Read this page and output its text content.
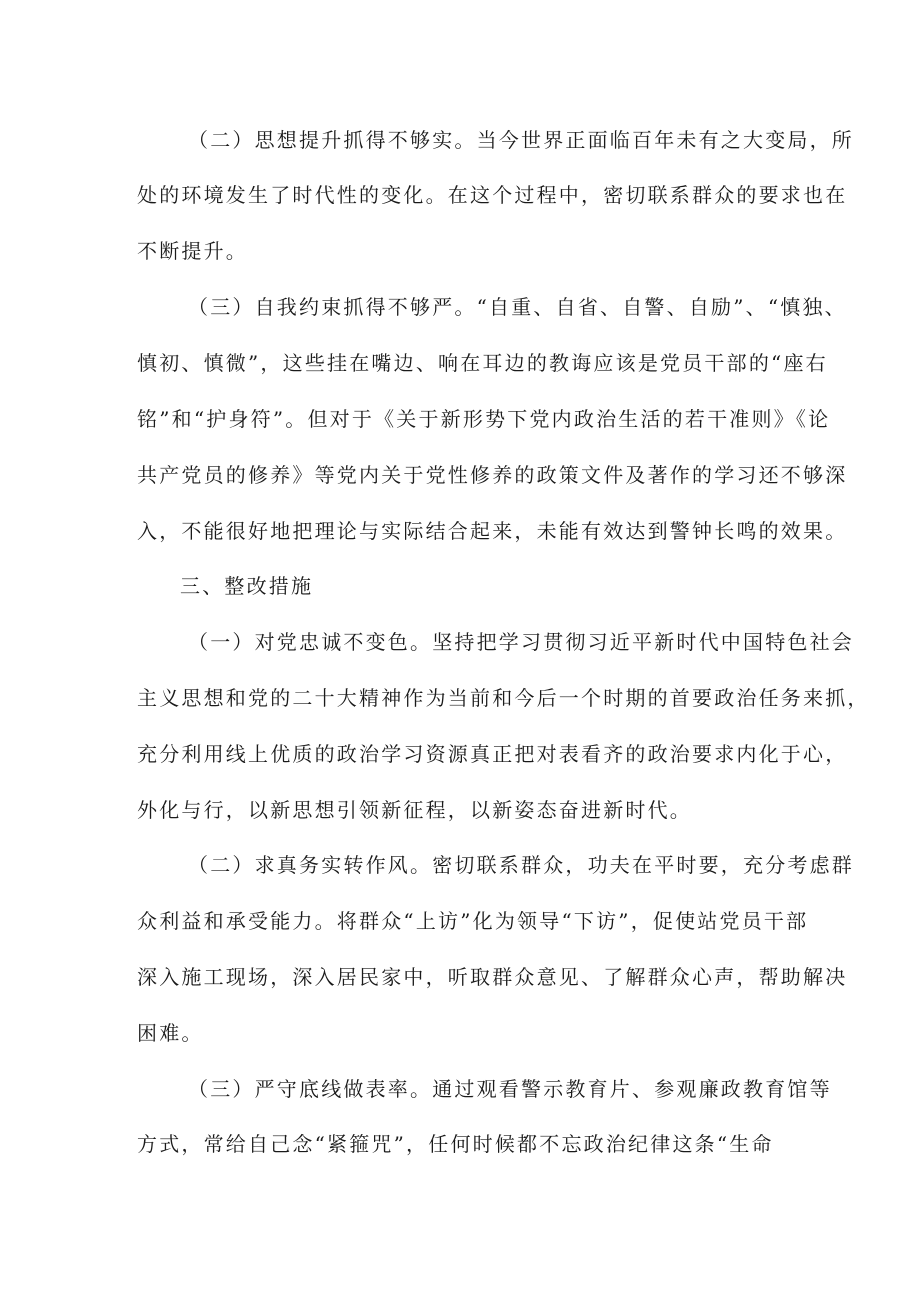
（二）思想提升抓得不够实。当今世界正面临百年未有之大变局，所
处的环境发生了时代性的变化。在这个过程中，密切联系群众的要求也在
不断提升。
（三）自我约束抓得不够严。“自重、自省、自警、自励”、“慎独、
慎初、慎微”，这些挂在嘴边、响在耳边的教诲应该是党员干部的“座右
铭”和“护身符”。但对于《关于新形势下党内政治生活的若干准则》《论
共产党员的修养》等党内关于党性修养的政策文件及著作的学习还不够深
入，不能很好地把理论与实际结合起来，未能有效达到警钟长鸣的效果。
三、整改措施
（一）对党忠诚不变色。坚持把学习贯彻习近平新时代中国特色社会
主义思想和党的二十大精神作为当前和今后一个时期的首要政治任务来抓，
充分利用线上优质的政治学习资源真正把对表看齐的政治要求内化于心，
外化与行，以新思想引领新征程，以新姿态奋进新时代。
（二）求真务实转作风。密切联系群众，功夫在平时要，充分考虑群
众利益和承受能力。将群众“上访”化为领导“下访”，促使站党员干部
深入施工现场，深入居民家中，听取群众意见、了解群众心声，帮助解决
困难。
（三）严守底线做表率。通过观看警示教育片、参观廉政教育馆等
方式，常给自己念“紧箍咒”，任何时候都不忘政治纪律这条“生命
